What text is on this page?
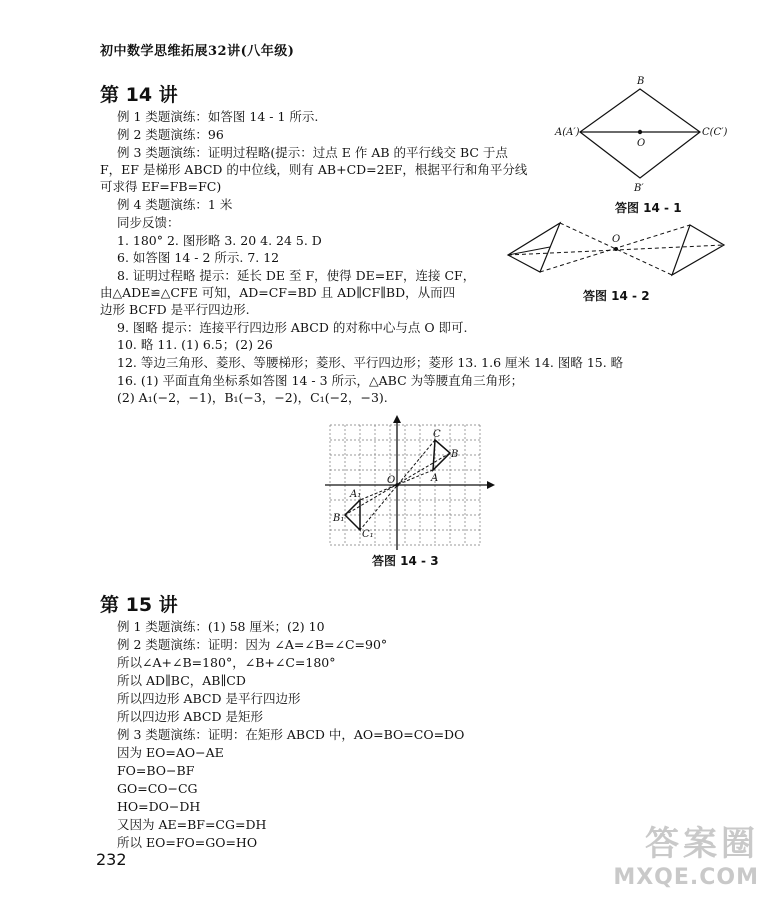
初中数学思维拓展32讲(八年级)
第 14 讲
例 1 类题演练：如答图 14 - 1 所示.
例 2 类题演练：96
例 3 类题演练：证明过程略(提示：过点 E 作 AB 的平行线交 BC 于点
F，EF 是梯形 ABCD 的中位线，则有 AB+CD=2EF，根据平行和角平分线
可求得 EF=FB=FC)
例 4 类题演练：1 米
同步反馈：
1. 180° 2. 图形略 3. 20 4. 24 5. D
6. 如答图 14 - 2 所示. 7. 12
8. 证明过程略 提示：延长 DE 至 F，使得 DE=EF，连接 CF，
由△ADE≌△CFE 可知，AD=CF=BD 且 AD∥CF∥BD，从而四
边形 BCFD 是平行四边形.
9. 图略 提示：连接平行四边形 ABCD 的对称中心与点 O 即可.
10. 略 11. (1) 6.5；(2) 26
12. 等边三角形、菱形、等腰梯形；菱形、平行四边形；菱形 13. 1.6 厘米 14. 图略 15. 略
16. (1) 平面直角坐标系如答图 14 - 3 所示，△ABC 为等腰直角三角形；
(2) A₁(−2，−1)，B₁(−3，−2)，C₁(−2，−3).
B
A(A′)	C(C′)
O
B′
答图 14 - 1
O
答图 14 - 2
C
B
A
O
A₁
B₁
C₁
答图 14 - 3
第 15 讲
例 1 类题演练：(1) 58 厘米；(2) 10
例 2 类题演练：证明：因为 ∠A=∠B=∠C=90°
所以∠A+∠B=180°，∠B+∠C=180°
所以 AD∥BC，AB∥CD
所以四边形 ABCD 是平行四边形
所以四边形 ABCD 是矩形
例 3 类题演练：证明：在矩形 ABCD 中，AO=BO=CO=DO
因为 EO=AO−AE
FO=BO−BF
GO=CO−CG
HO=DO−DH
又因为 AE=BF=CG=DH
所以 EO=FO=GO=HO
232	答案圈
MXQE.COM
